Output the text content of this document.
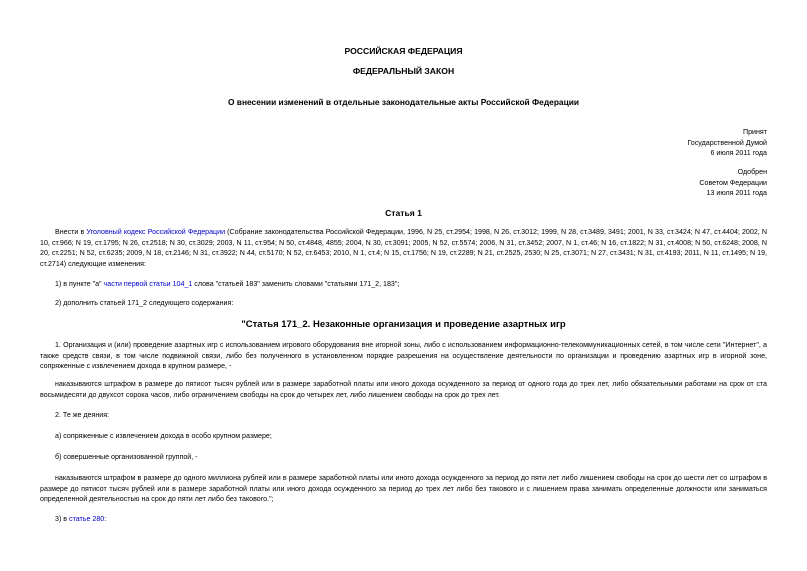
РОССИЙСКАЯ ФЕДЕРАЦИЯ
ФЕДЕРАЛЬНЫЙ ЗАКОН
О внесении изменений в отдельные законодательные акты Российской Федерации
Принят
Государственной Думой
6 июля 2011 года
Одобрен
Советом Федерации
13 июля 2011 года
Статья 1

Внести в Уголовный кодекс Российской Федерации (Собрание законодательства Российской Федерации, 1996, N 25, ст.2954; 1998, N 26, ст.3012; 1999, N 28, ст.3489, 3491; 2001, N 33, ст.3424; N 47, ст.4404; 2002, N 10, ст.966; N 19, ст.1795; N 26, ст.2518; N 30, ст.3029; 2003, N 11, ст.954; N 50, ст.4848, 4855; 2004, N 30, ст.3091; 2005, N 52, ст.5574; 2006, N 31, ст.3452; 2007, N 1, ст.46; N 16, ст.1822; N 31, ст.4008; N 50, ст.6248; 2008, N 20, ст.2251; N 52, ст.6235; 2009, N 18, ст.2146; N 31, ст.3922; N 44, ст.5170; N 52, ст.6453; 2010, N 1, ст.4; N 15, ст.1756; N 19, ст.2289; N 21, ст.2525, 2530; N 25, ст.3071; N 27, ст.3431; N 31, ст.4193; 2011, N 11, ст.1495; N 19, ст.2714) следующие изменения:

1) в пункте "а" части первой статьи 104_1 слова "статьей 183" заменить словами "статьями 171_2, 183";

2) дополнить статьей 171_2 следующего содержания:

"Статья 171_2. Незаконные организация и проведение азартных игр

1. Организация и (или) проведение азартных игр с использованием игрового оборудования вне игорной зоны, либо с использованием информационно-телекоммуникационных сетей, в том числе сети "Интернет", а также средств связи, в том числе подвижной связи, либо без полученного в установленном порядке разрешения на осуществление деятельности по организации и проведению азартных игр в игорной зоне, сопряженные с извлечением дохода в крупном размере, -

наказываются штрафом в размере до пятисот тысяч рублей или в размере заработной платы или иного дохода осужденного за период от одного года до трех лет, либо обязательными работами на срок от ста восьмидесяти до двухсот сорока часов, либо ограничением свободы на срок до четырех лет, либо лишением свободы на срок до трех лет.

2. Те же деяния:

а) сопряженные с извлечением дохода в особо крупном размере;

б) совершенные организованной группой, -

наказываются штрафом в размере до одного миллиона рублей или в размере заработной платы или иного дохода осужденного за период до пяти лет либо лишением свободы на срок до шести лет со штрафом в размере до пятисот тысяч рублей или в размере заработной платы или иного дохода осужденного за период до трех лет либо без такового и с лишением права занимать определенные должности или заниматься определенной деятельностью на срок до пяти лет либо без такового.";

3) в статье 280:
